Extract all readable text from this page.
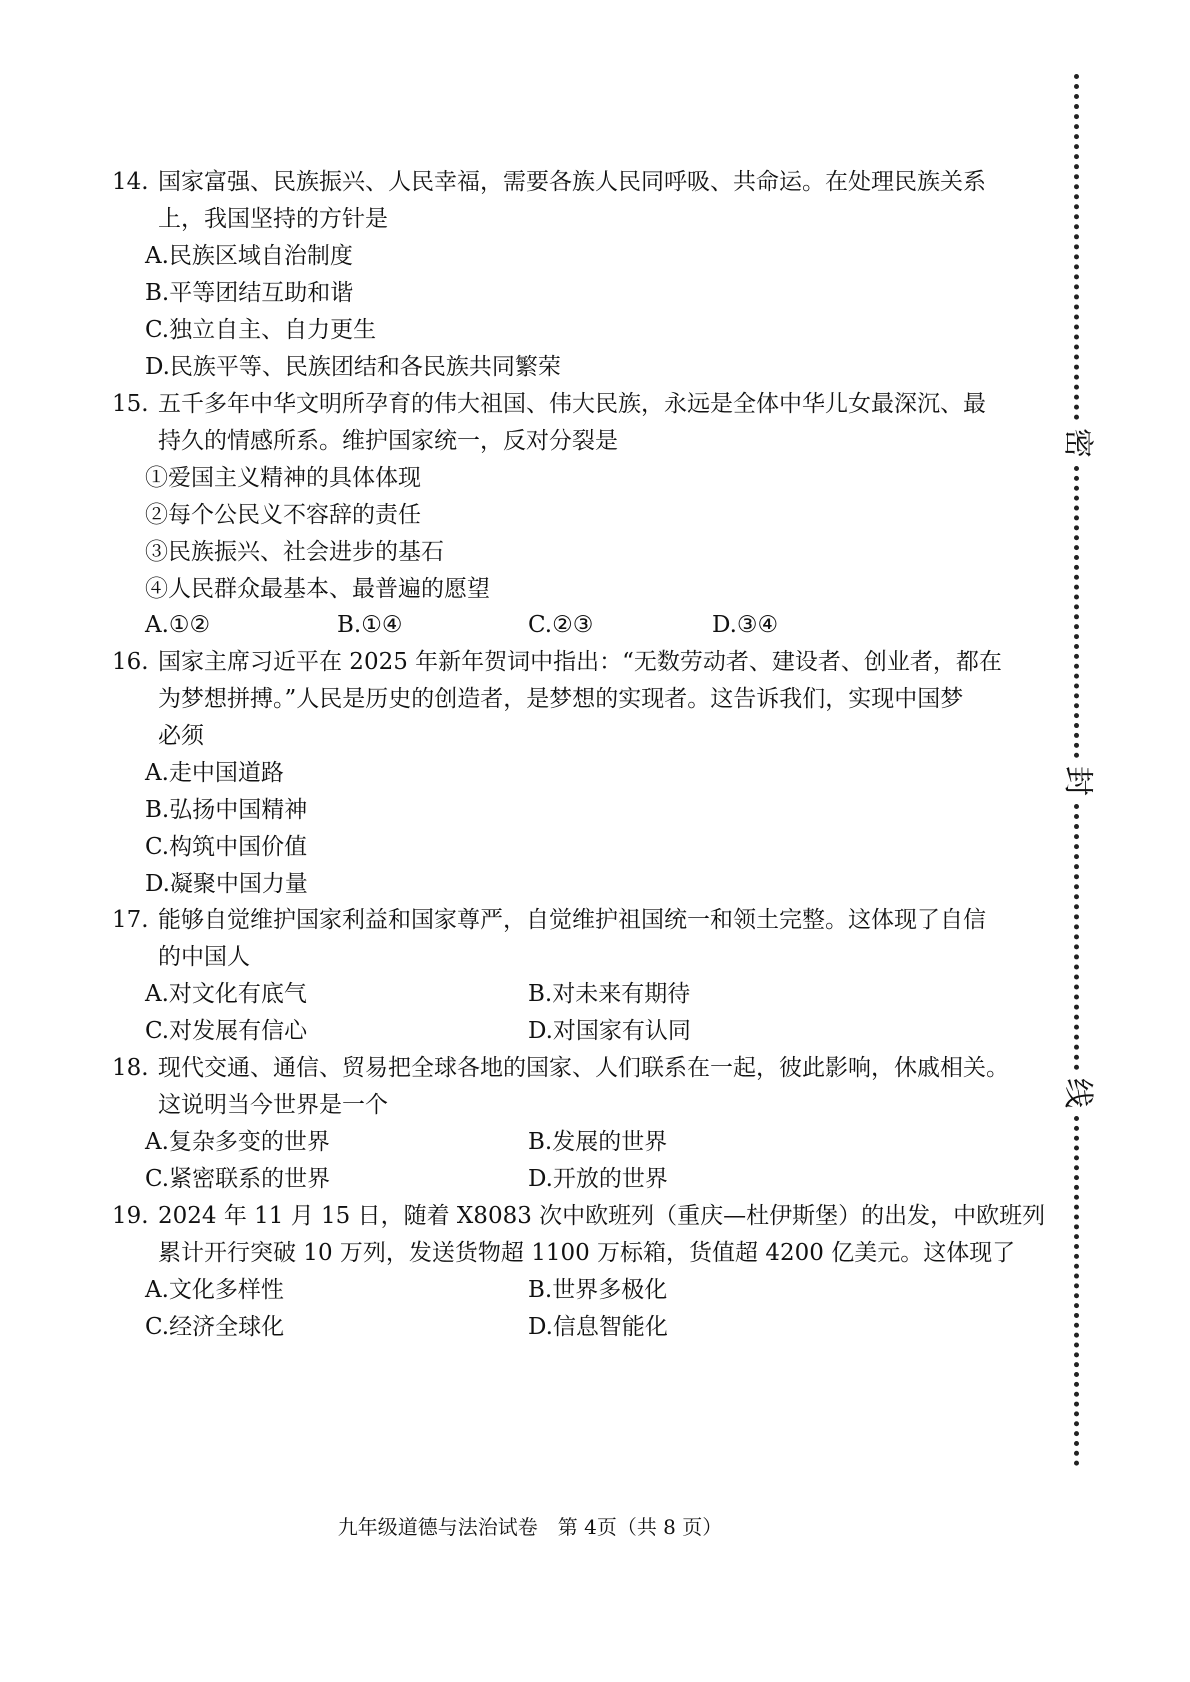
14. 国家富强、民族振兴、人民幸福，需要各族人民同呼吸、共命运。在处理民族关系
上，我国坚持的方针是
A.民族区域自治制度
B.平等团结互助和谐
C.独立自主、自力更生
D.民族平等、民族团结和各民族共同繁荣
15. 五千多年中华文明所孕育的伟大祖国、伟大民族，永远是全体中华儿女最深沉、最
持久的情感所系。维护国家统一，反对分裂是
①爱国主义精神的具体体现
②每个公民义不容辞的责任
③民族振兴、社会进步的基石
④人民群众最基本、最普遍的愿望
A.①②	B.①④	C.②③	D.③④
16. 国家主席习近平在 2025 年新年贺词中指出：“无数劳动者、建设者、创业者，都在
为梦想拼搏。”人民是历史的创造者，是梦想的实现者。这告诉我们，实现中国梦
必须
A.走中国道路
B.弘扬中国精神
C.构筑中国价值
D.凝聚中国力量
17. 能够自觉维护国家利益和国家尊严，自觉维护祖国统一和领土完整。这体现了自信
的中国人
A.对文化有底气	B.对未来有期待
C.对发展有信心	D.对国家有认同
18. 现代交通、通信、贸易把全球各地的国家、人们联系在一起，彼此影响，休戚相关。
这说明当今世界是一个
A.复杂多变的世界	B.发展的世界
C.紧密联系的世界	D.开放的世界
19. 2024 年 11 月 15 日，随着 X8083 次中欧班列（重庆—杜伊斯堡）的出发，中欧班列
累计开行突破 10 万列，发送货物超 1100 万标箱，货值超 4200 亿美元。这体现了
A.文化多样性	B.世界多极化
C.经济全球化	D.信息智能化
九年级道德与法治试卷　第 4页（共 8 页）
密
封
线
